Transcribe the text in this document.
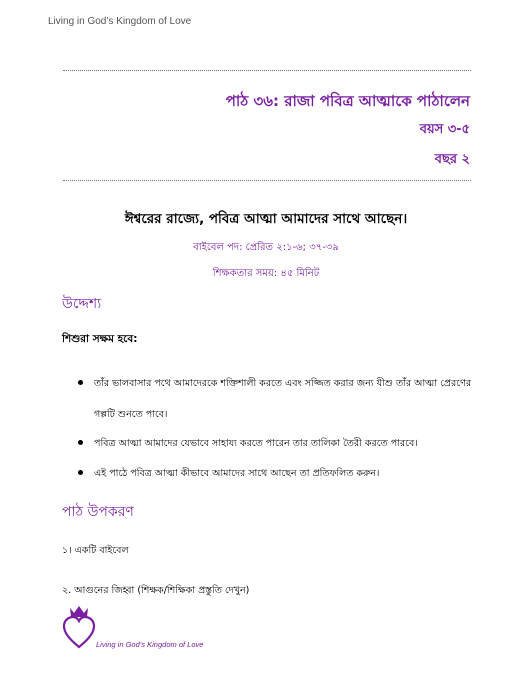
Living in God’s Kingdom of Love
পাঠ ৩৬: রাজা পবিত্র আত্মাকে পাঠালেন
বয়স ৩-৫
বছর ২
ঈশ্বরের রাজ্যে, পবিত্র আত্মা আমাদের সাথে আছেন।
বাইবেল পদ: প্রেরিত ২:১-৬; ৩৭-৩৯
শিক্ষকতার সময়: ৪৫ মিনিট
উদ্দেশ্য
শিশুরা সক্ষম হবে:
তাঁর ভালবাসার পথে আমাদেরকে শক্তিশালী করতে এবং সজ্জিত করার জন্য যীশু তাঁর আত্মা প্রেরণের গল্পটি শুনতে পাবে।
পবিত্র আত্মা আমাদের যেভাবে সাহায্য করতে পারেন তার তালিকা তৈরী করতে পারবে।
এই পাঠে পবিত্র আত্মা কীভাবে আমাদের সাথে আছেন তা প্রতিফলিত করুন।
পাঠ উপকরণ
১। একটি বাইবেল
২. আগুনের জিহ্বা (শিক্ষক/শিক্ষিকা প্রস্তুতি দেখুন)
Living in God’s Kingdom of Love
